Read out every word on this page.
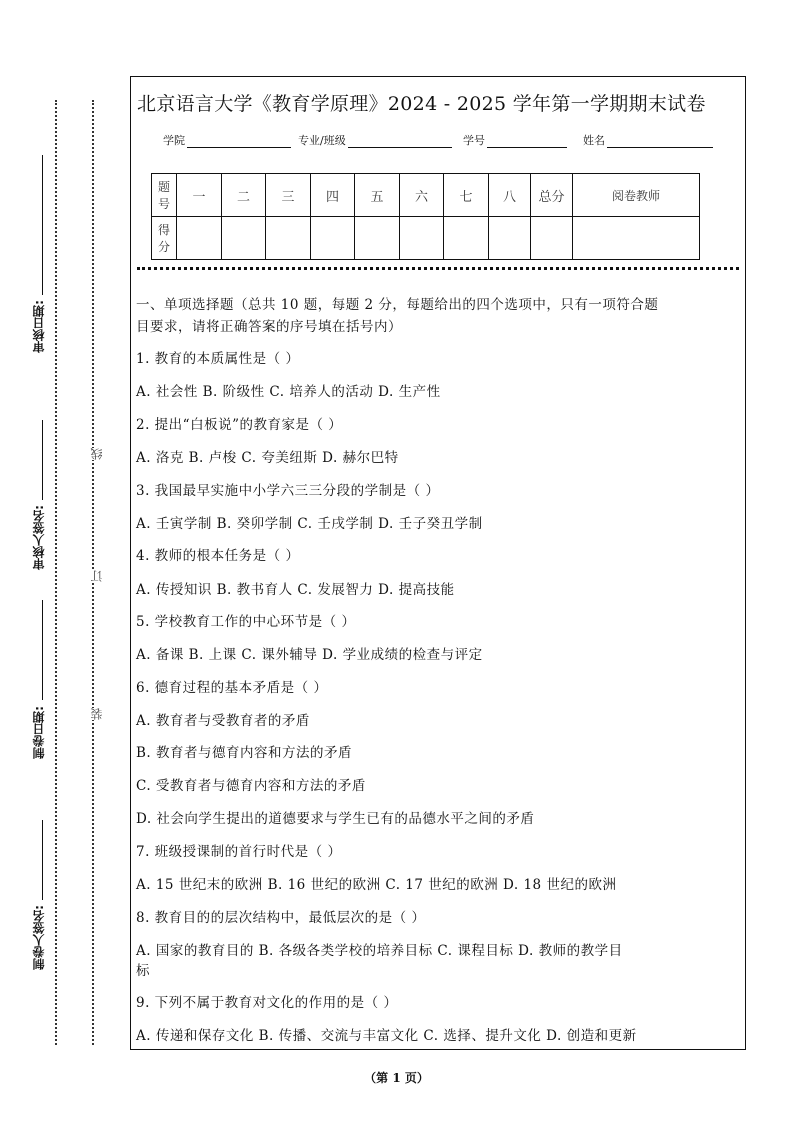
审核日期:
审核人签名:
制卷日期:
制卷人签名:
线
订
装
北京语言大学《教育学原理》2024 - 2025 学年第一学期期末试卷
学院	专业/班级	学号	姓名
题号	一	二	三	四	五	六	七	八	总分	阅卷教师
得分										
一、单项选择题（总共 10 题，每题 2 分，每题给出的四个选项中，只有一项符合题
目要求，请将正确答案的序号填在括号内）
1. 教育的本质属性是（ ）
A. 社会性 B. 阶级性 C. 培养人的活动 D. 生产性
2. 提出“白板说”的教育家是（ ）
A. 洛克 B. 卢梭 C. 夸美纽斯 D. 赫尔巴特
3. 我国最早实施中小学六三三分段的学制是（ ）
A. 壬寅学制 B. 癸卯学制 C. 壬戌学制 D. 壬子癸丑学制
4. 教师的根本任务是（ ）
A. 传授知识 B. 教书育人 C. 发展智力 D. 提高技能
5. 学校教育工作的中心环节是（ ）
A. 备课 B. 上课 C. 课外辅导 D. 学业成绩的检查与评定
6. 德育过程的基本矛盾是（ ）
A. 教育者与受教育者的矛盾
B. 教育者与德育内容和方法的矛盾
C. 受教育者与德育内容和方法的矛盾
D. 社会向学生提出的道德要求与学生已有的品德水平之间的矛盾
7. 班级授课制的首行时代是（ ）
A. 15 世纪末的欧洲 B. 16 世纪的欧洲 C. 17 世纪的欧洲 D. 18 世纪的欧洲
8. 教育目的的层次结构中，最低层次的是（ ）
A. 国家的教育目的 B. 各级各类学校的培养目标 C. 课程目标 D. 教师的教学目
标
9. 下列不属于教育对文化的作用的是（ ）
A. 传递和保存文化 B. 传播、交流与丰富文化 C. 选择、提升文化 D. 创造和更新
（第 1 页）
